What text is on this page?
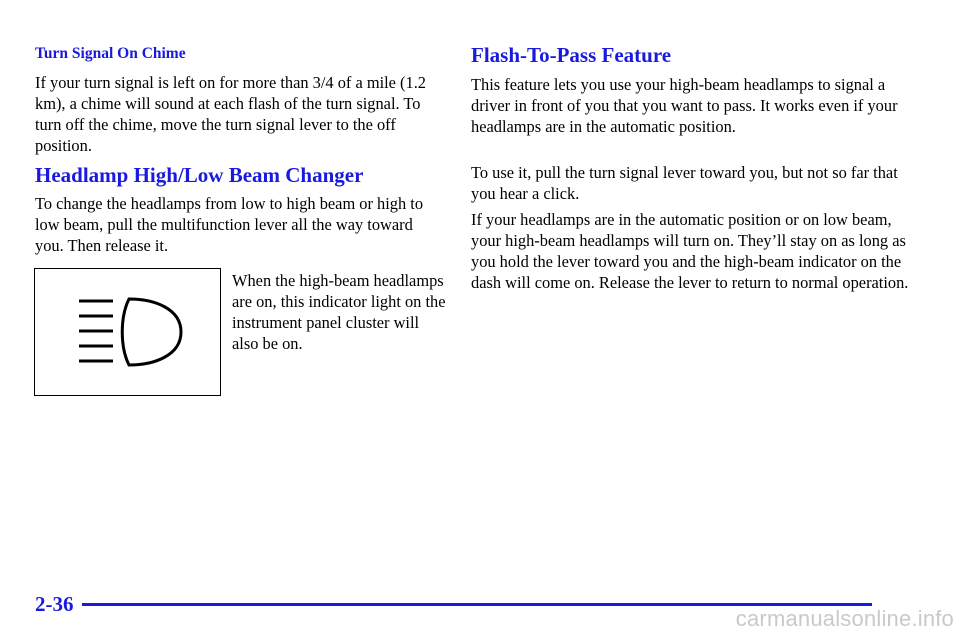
Turn Signal On Chime

If your turn signal is left on for more than 3/4 of a mile (1.2 km), a chime will sound at each flash of the turn signal. To turn off the chime, move the turn signal lever to the off position.

Headlamp High/Low Beam Changer

To change the headlamps from low to high beam or high to low beam, pull the multifunction lever all the way toward you. Then release it.

When the high‑beam headlamps are on, this indicator light on the instrument panel cluster will also be on.

Flash-To-Pass Feature

This feature lets you use your high‑beam headlamps to signal a driver in front of you that you want to pass. It works even if your headlamps are in the automatic position.

To use it, pull the turn signal lever toward you, but not so far that you hear a click.

If your headlamps are in the automatic position or on low beam, your high‑beam headlamps will turn on. They’ll stay on as long as you hold the lever toward you and the high‑beam indicator on the dash will come on. Release the lever to return to normal operation.

2-36
carmanualsonline.info
